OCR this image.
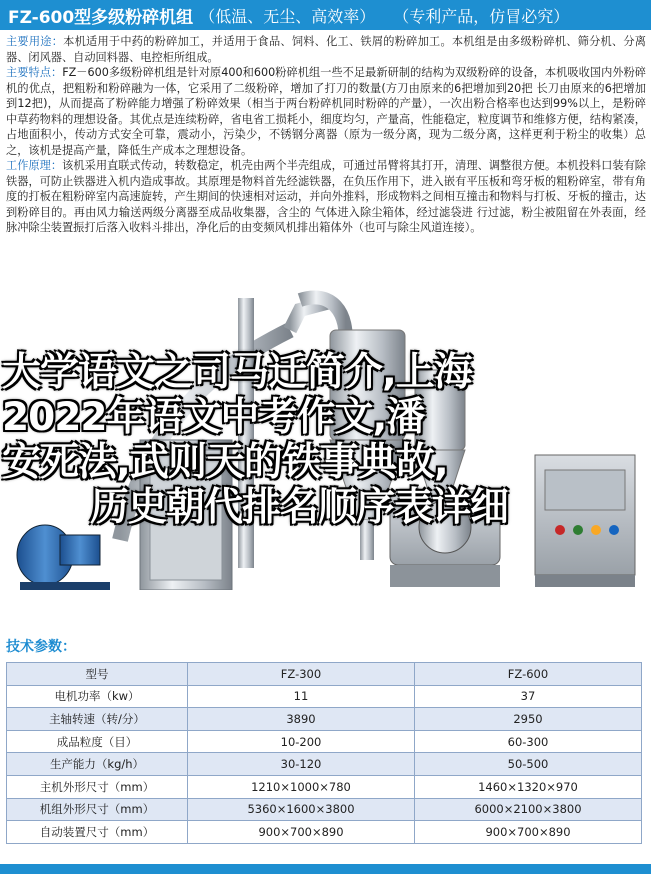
FZ-600型多级粉碎机组 （低温、无尘、高效率） （专利产品，仿冒必究）
主要用途：本机适用于中药的粉碎加工，并适用于食品、饲料、化工、铁屑的粉碎加工。本机组是由多级粉碎机、筛分机、分离器、闭风器、自动回料器、电控柜所组成。
主要特点：FZ－600多级粉碎机组是针对原400和600粉碎机组一些不足最新研制的结构为双级粉碎的设备，本机吸收国内外粉碎机的优点，把粗粉和粉碎融为一体，它采用了二级粉碎，增加了打刀的数量(方刀由原来的6把增加到20把 长刀由原来的6把增加到12把)，从而提高了粉碎能力增强了粉碎效果（相当于两台粉碎机同时粉碎的产量），一次出粉合格率也达到99%以上，是粉碎中草药物料的理想设备。其优点是连续粉碎，省电省工损耗小，细度均匀，产量高，性能稳定，粒度调节和维修方便，结构紧凑，占地面积小，传动方式安全可靠，震动小，污染少，不锈钢分离器（原为一级分离，现为二级分离，这样更利于粉尘的收集）总之，该机是提高产量，降低生产成本之理想设备。
工作原理：该机采用直联式传动，转数稳定，机壳由两个半壳组成，可通过吊臂将其打开，清理、调整很方便。本机投料口装有除铁器，可防止铁器进入机内造成事故。其原理是物料首先经滤铁器，在负压作用下，进入嵌有平压板和弯牙板的粗粉碎室，带有角度的打板在粗粉碎室内高速旋转，产生期间的快速相对运动，并向外推料，形成物料之间相互撞击和物料与打板、牙板的撞击，达到粉碎目的。再由风力输送两级分离器至成品收集器，含尘的 气体进入除尘箱体，经过滤袋进 行过滤，粉尘被阻留在外表面，经脉冲除尘装置振打后落入收料斗排出，净化后的由变频风机排出箱体外（也可与除尘风道连接）。
大学语文之司马迁简介,上海
2022年语文中考作文,潘
安死法,武则天的铁事典故,
历史朝代排名顺序表详细
技术参数：
型号	FZ-300	FZ-600
电机功率（kw）	11	37
主轴转速（转/分）	3890	2950
成品粒度（目）	10-200	60-300
生产能力（kg/h）	30-120	50-500
主机外形尺寸（mm）	1210×1000×780	1460×1320×970
机组外形尺寸（mm）	5360×1600×3800	6000×2100×3800
自动装置尺寸（mm）	900×700×890	900×700×890
